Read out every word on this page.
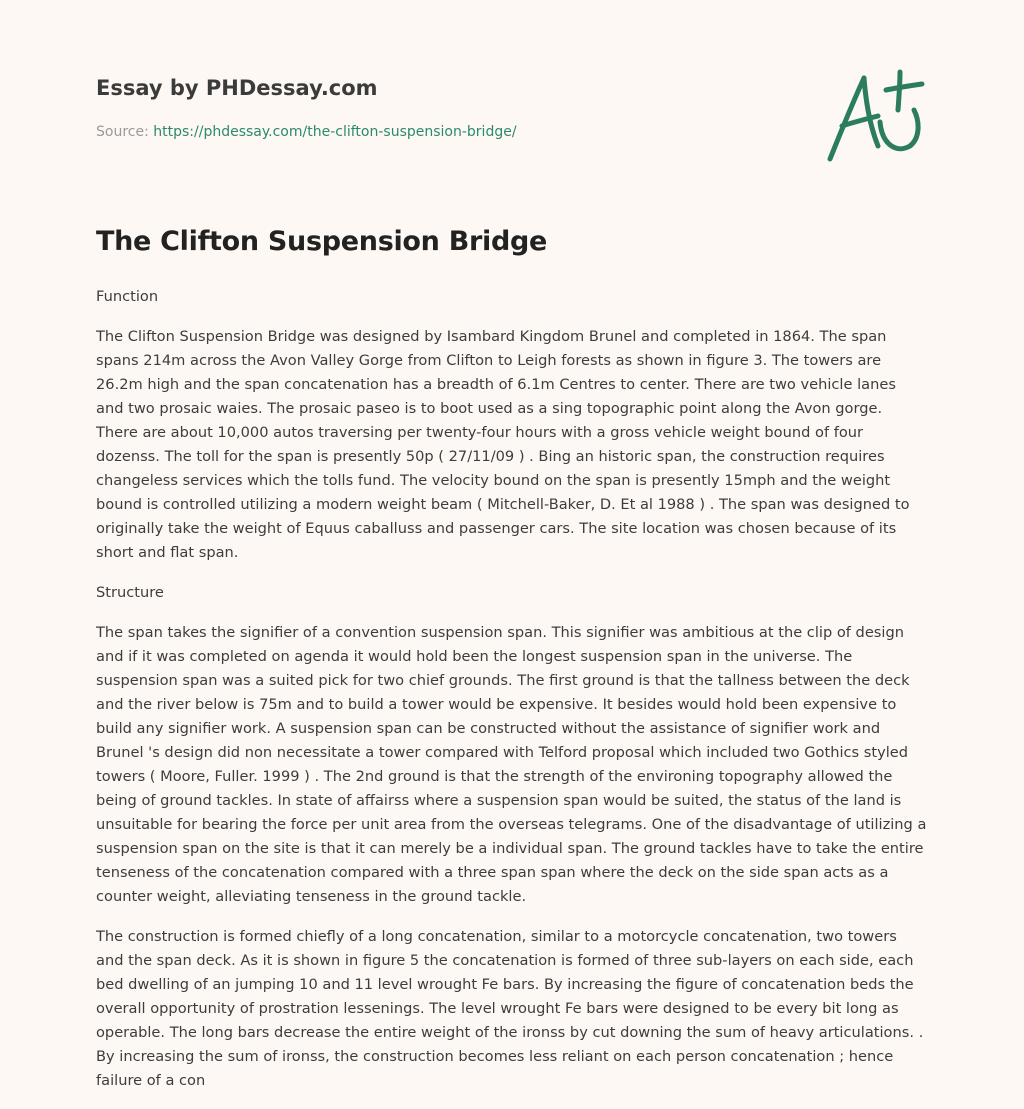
Essay by PHDessay.com
Source: https://phdessay.com/the-clifton-suspension-bridge/
The Clifton Suspension Bridge

Function

The Clifton Suspension Bridge was designed by Isambard Kingdom Brunel and completed in 1864. The span spans 214m across the Avon Valley Gorge from Clifton to Leigh forests as shown in figure 3. The towers are 26.2m high and the span concatenation has a breadth of 6.1m Centres to center. There are two vehicle lanes and two prosaic waies. The prosaic paseo is to boot used as a sing topographic point along the Avon gorge. There are about 10,000 autos traversing per twenty-four hours with a gross vehicle weight bound of four dozenss. The toll for the span is presently 50p ( 27/11/09 ) . Bing an historic span, the construction requires changeless services which the tolls fund. The velocity bound on the span is presently 15mph and the weight bound is controlled utilizing a modern weight beam ( Mitchell-Baker, D. Et al 1988 ) . The span was designed to originally take the weight of Equus caballuss and passenger cars. The site location was chosen because of its short and flat span.

Structure

The span takes the signifier of a convention suspension span. This signifier was ambitious at the clip of design and if it was completed on agenda it would hold been the longest suspension span in the universe. The suspension span was a suited pick for two chief grounds. The first ground is that the tallness between the deck and the river below is 75m and to build a tower would be expensive. It besides would hold been expensive to build any signifier work. A suspension span can be constructed without the assistance of signifier work and Brunel 's design did non necessitate a tower compared with Telford proposal which included two Gothics styled towers ( Moore, Fuller. 1999 ) . The 2nd ground is that the strength of the environing topography allowed the being of ground tackles. In state of affairss where a suspension span would be suited, the status of the land is unsuitable for bearing the force per unit area from the overseas telegrams. One of the disadvantage of utilizing a suspension span on the site is that it can merely be a individual span. The ground tackles have to take the entire tenseness of the concatenation compared with a three span span where the deck on the side span acts as a counter weight, alleviating tenseness in the ground tackle.

The construction is formed chiefly of a long concatenation, similar to a motorcycle concatenation, two towers and the span deck. As it is shown in figure 5 the concatenation is formed of three sub-layers on each side, each bed dwelling of an jumping 10 and 11 level wrought Fe bars. By increasing the figure of concatenation beds the overall opportunity of prostration lessenings. The level wrought Fe bars were designed to be every bit long as operable. The long bars decrease the entire weight of the ironss by cut downing the sum of heavy articulations. . By increasing the sum of ironss, the construction becomes less reliant on each person concatenation ; hence failure of a con
